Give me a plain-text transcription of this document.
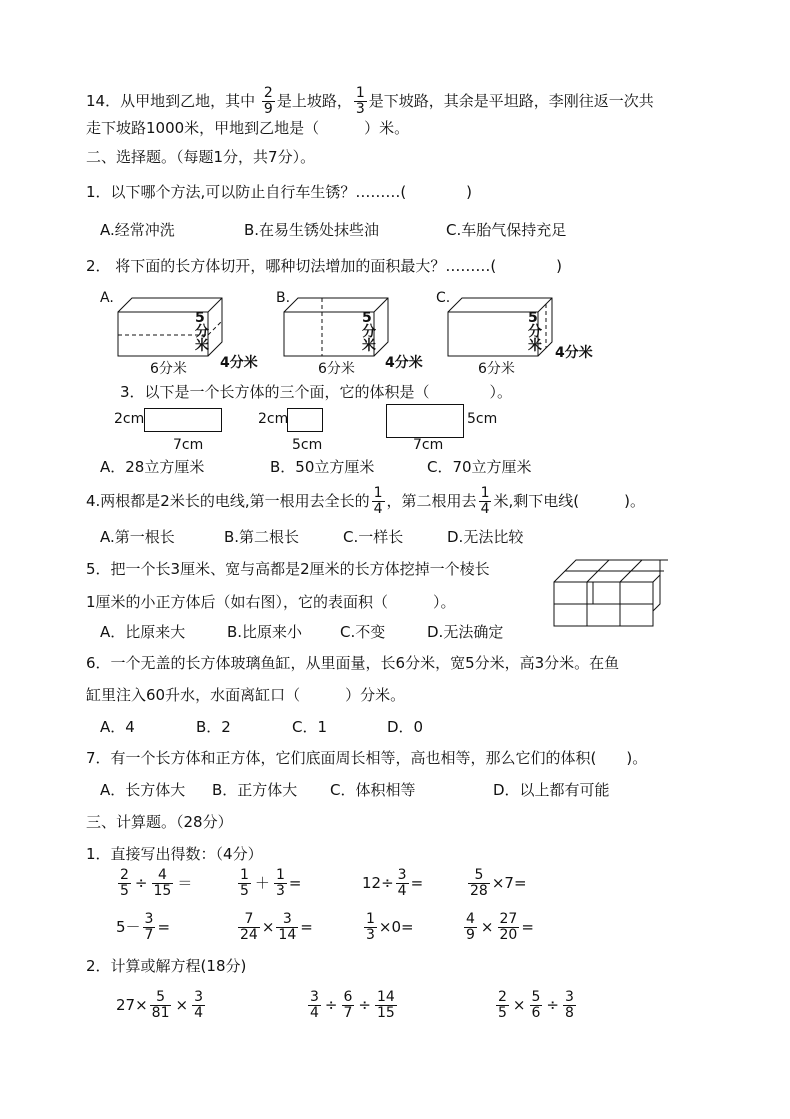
14．从甲地到乙地，其中 $\frac{2}{9}$ 是上坡路， $\frac{1}{3}$ 是下坡路，其余是平坦路，李刚往返一次共
走下坡路1000米，甲地到乙地是（　　　）米。
二、选择题。（每题1分，共7分）。
1．以下哪个方法,可以防止自行车生锈？………(　　　　)
A.经常冲洗	B.在易生锈处抹些油	C.车胎气保持充足
2． 将下面的长方体切开，哪种切法增加的面积最大？………(　　　　)
A.	B.	C.
5
分
米
5
分
米
5
分
米
6分米	6分米	6分米
4分米	4分米
4分米
3．以下是一个长方体的三个面，它的体积是（　　　　）。
2cm
7cm
2cm
5cm
5cm
7cm
A．28立方厘米	B．50立方厘米	C．70立方厘米
4.两根都是2米长的电线,第一根用去全长的 $\frac{1}{4}$ ，第二根用去 $\frac{1}{4}$ 米,剩下电线(　　　)。
A.第一根长	B.第二根长	C.一样长	D.无法比较
5．把一个长3厘米、宽与高都是2厘米的长方体挖掉一个棱长
1厘米的小正方体后（如右图），它的表面积（　　　）。
A．比原来大	B.比原来小	C.不变	D.无法确定
6．一个无盖的长方体玻璃鱼缸，从里面量，长6分米，宽5分米，高3分米。在鱼
缸里注入60升水，水面离缸口（　　　）分米。
A．4	B．2	C．1	D．0
7．有一个长方体和正方体，它们底面周长相等，高也相等，那么它们的体积(　　)。
A．长方体大 B．正方体大 C．体积相等	D．以上都有可能
三、计算题。（28分）
1．直接写出得数：（4分）
$\frac{2}{5} \div \frac{4}{15}$ ＝	$\frac{1}{5} + \frac{1}{3}$ =	$12\div \frac{3}{4}$ =	$\frac{5}{28} \times 7=$
$5- \frac{3}{7}$ =	$\frac{7}{24} \times \frac{3}{14}$ =	$\frac{1}{3} \times 0=$	$\frac{4}{9} \times \frac{27}{20}$ =
2．计算或解方程(18分)
$27\times \frac{5}{81} \times \frac{3}{4}$	$\frac{3}{4} \div \frac{6}{7} \div \frac{14}{15}$	$\frac{2}{5} \times \frac{5}{6} \div \frac{3}{8}$
